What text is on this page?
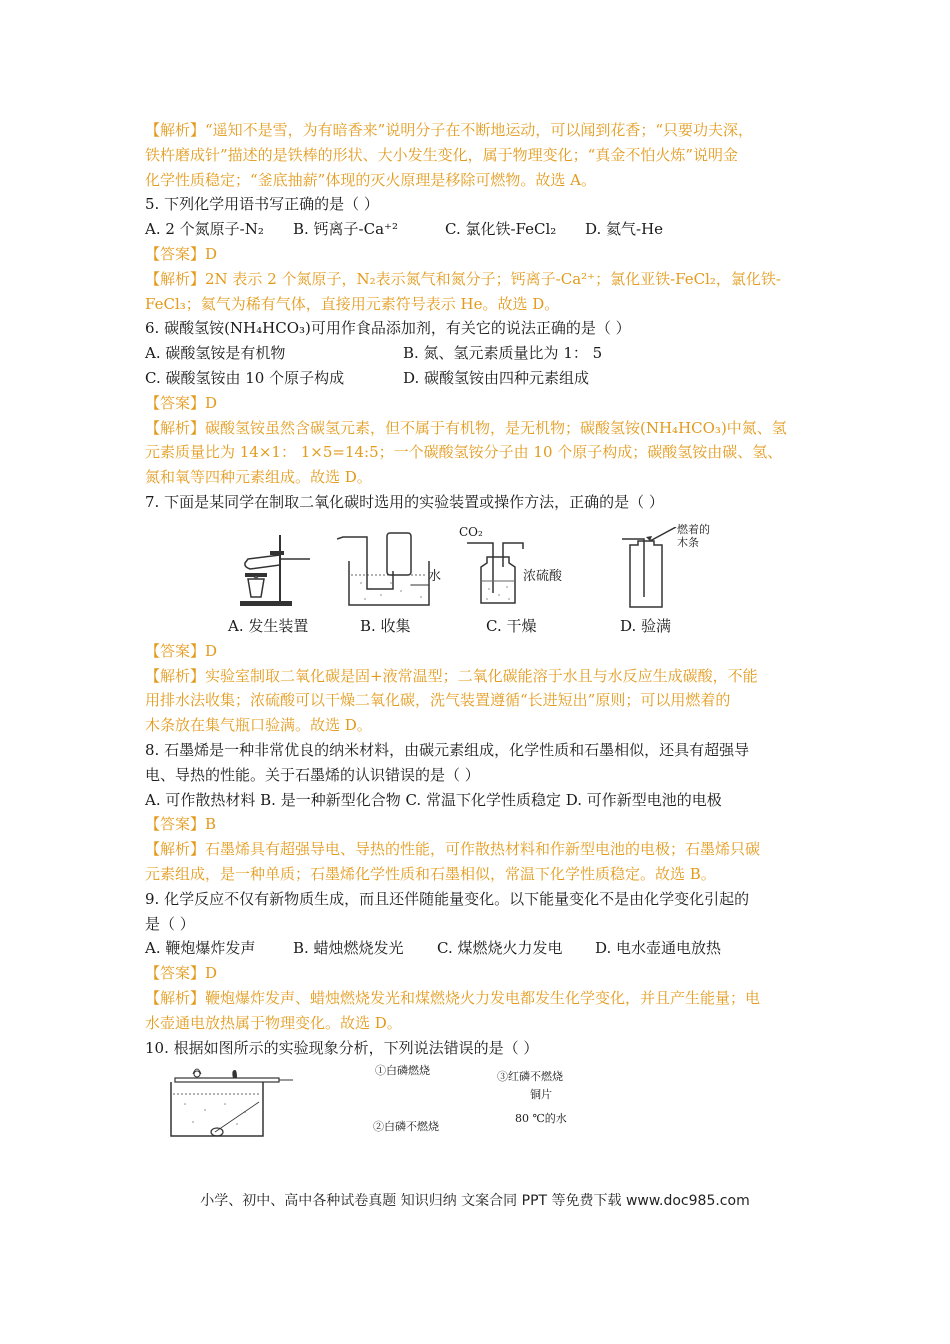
【解析】“遥知不是雪，为有暗香来”说明分子在不断地运动，可以闻到花香；“只要功夫深，
铁杵磨成针”描述的是铁棒的形状、大小发生变化，属于物理变化；“真金不怕火炼”说明金
化学性质稳定；“釜底抽薪”体现的灭火原理是移除可燃物。故选 A。
5. 下列化学用语书写正确的是（ ）
A. 2 个氮原子-N₂ B. 钙离子-Ca⁺²	C. 氯化铁-FeCl₂ D. 氦气-He
【答案】D
【解析】2N 表示 2 个氮原子，N₂表示氮气和氮分子；钙离子-Ca²⁺；氯化亚铁-FeCl₂，氯化铁-
FeCl₃；氦气为稀有气体，直接用元素符号表示 He。故选 D。
6. 碳酸氢铵(NH₄HCO₃)可用作食品添加剂，有关它的说法正确的是（ ）
A. 碳酸氢铵是有机物	B. 氮、氢元素质量比为 1： 5
C. 碳酸氢铵由 10 个原子构成	D. 碳酸氢铵由四种元素组成
【答案】D
【解析】碳酸氢铵虽然含碳氢元素，但不属于有机物，是无机物；碳酸氢铵(NH₄HCO₃)中氮、氢
元素质量比为 14×1： 1×5=14:5；一个碳酸氢铵分子由 10 个原子构成；碳酸氢铵由碳、氢、
氮和氧等四种元素组成。故选 D。
7. 下面是某同学在制取二氧化碳时选用的实验装置或操作方法，正确的是（ ）
水
CO₂
浓硫酸
燃着的
木条
A. 发生装置	B. 收集	C. 干燥	D. 验满
【答案】D
【解析】实验室制取二氧化碳是固+液常温型；二氧化碳能溶于水且与水反应生成碳酸，不能
用排水法收集；浓硫酸可以干燥二氧化碳，洗气装置遵循“长进短出”原则；可以用燃着的
木条放在集气瓶口验满。故选 D。
8. 石墨烯是一种非常优良的纳米材料，由碳元素组成，化学性质和石墨相似，还具有超强导
电、导热的性能。关于石墨烯的认识错误的是（ ）
A. 可作散热材料 B. 是一种新型化合物 C. 常温下化学性质稳定 D. 可作新型电池的电极
【答案】B
【解析】石墨烯具有超强导电、导热的性能，可作散热材料和作新型电池的电极；石墨烯只碳
元素组成，是一种单质；石墨烯化学性质和石墨相似，常温下化学性质稳定。故选 B。
9. 化学反应不仅有新物质生成，而且还伴随能量变化。以下能量变化不是由化学变化引起的
是（ ）
A. 鞭炮爆炸发声	B. 蜡烛燃烧发光 C. 煤燃烧火力发电 D. 电水壶通电放热
【答案】D
【解析】鞭炮爆炸发声、蜡烛燃烧发光和煤燃烧火力发电都发生化学变化，并且产生能量；电
水壶通电放热属于物理变化。故选 D。
10. 根据如图所示的实验现象分析，下列说法错误的是（ ）
①白磷燃烧	③红磷不燃烧
铜片
②白磷不燃烧
80 ℃的水
小学、初中、高中各种试卷真题 知识归纳 文案合同 PPT 等免费下载 www.doc985.com
